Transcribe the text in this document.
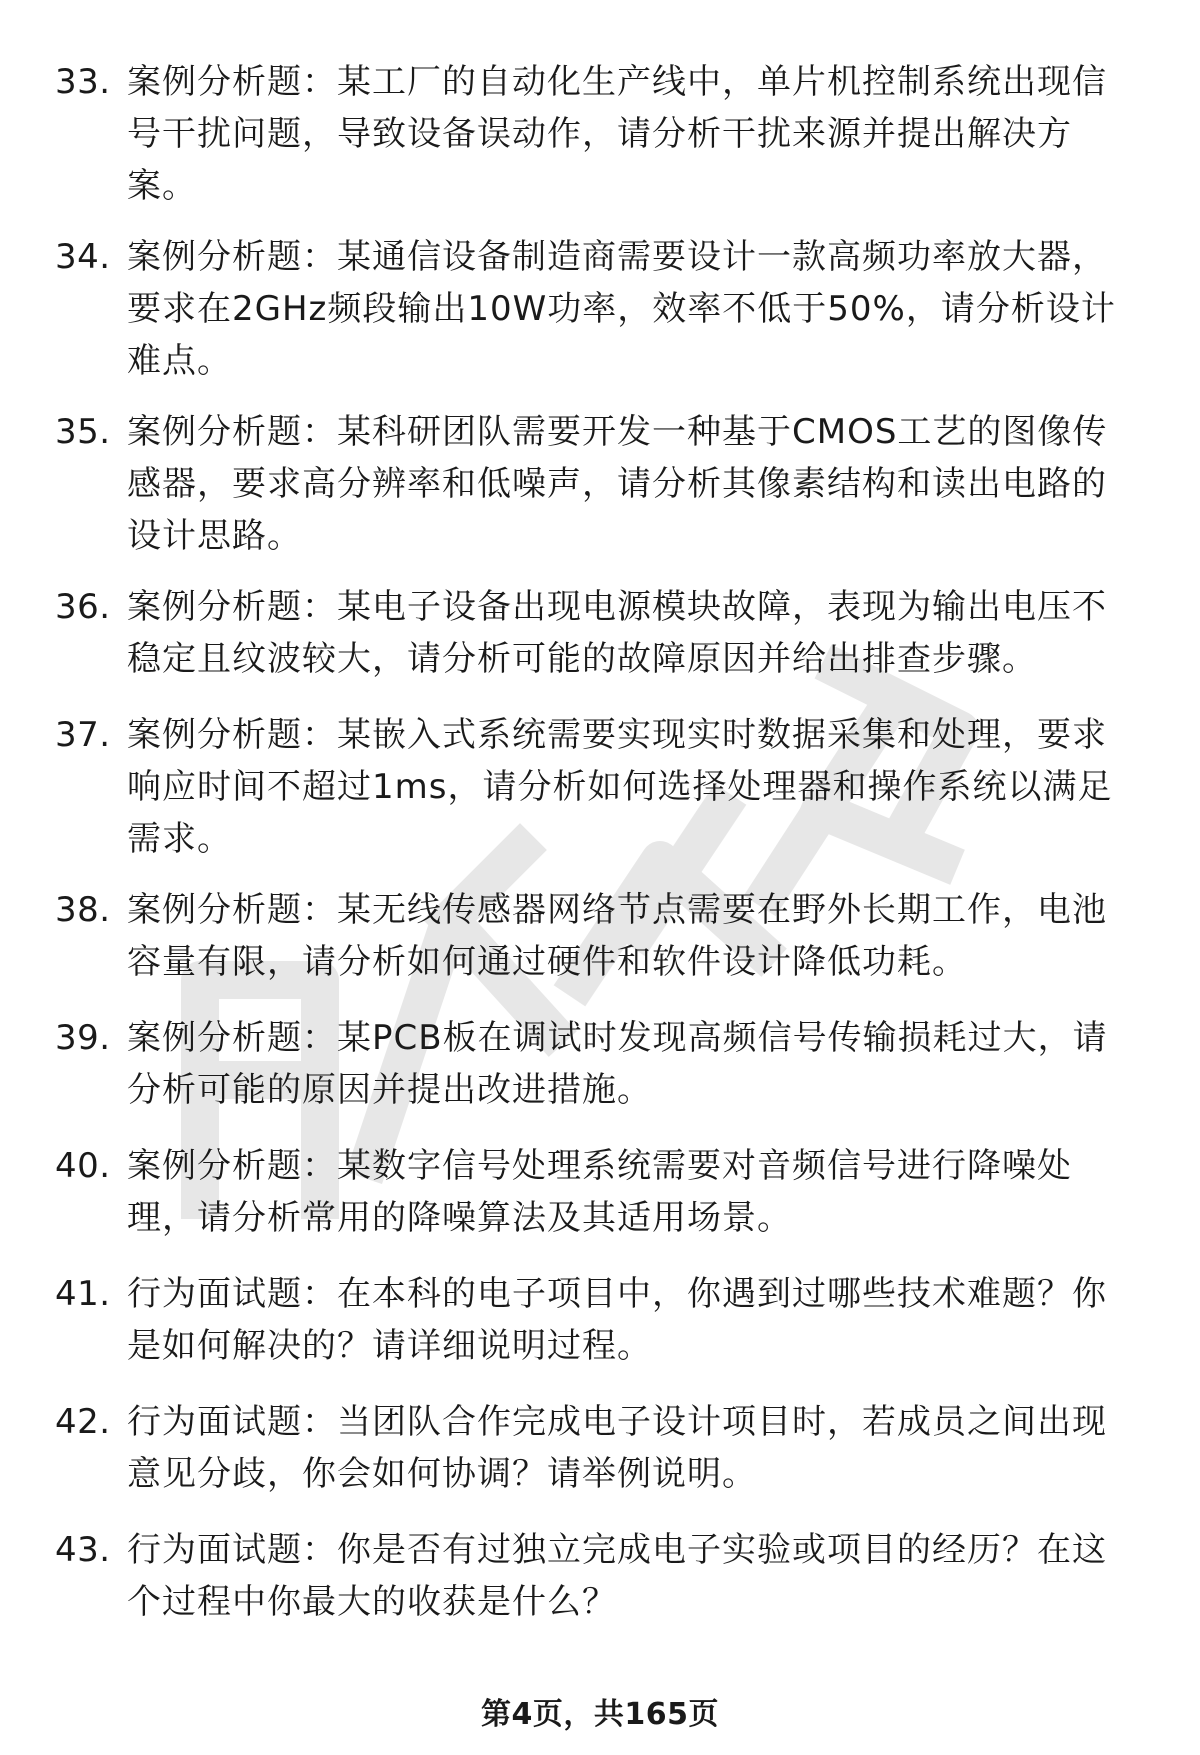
33. 案例分析题：某工厂的自动化生产线中，单片机控制系统出现信号干扰问题，导致设备误动作，请分析干扰来源并提出解决方案。
34. 案例分析题：某通信设备制造商需要设计一款高频功率放大器，要求在2GHz频段输出10W功率，效率不低于50%，请分析设计难点。
35. 案例分析题：某科研团队需要开发一种基于CMOS工艺的图像传感器，要求高分辨率和低噪声，请分析其像素结构和读出电路的设计思路。
36. 案例分析题：某电子设备出现电源模块故障，表现为输出电压不稳定且纹波较大，请分析可能的故障原因并给出排查步骤。
37. 案例分析题：某嵌入式系统需要实现实时数据采集和处理，要求响应时间不超过1ms，请分析如何选择处理器和操作系统以满足需求。
38. 案例分析题：某无线传感器网络节点需要在野外长期工作，电池容量有限，请分析如何通过硬件和软件设计降低功耗。
39. 案例分析题：某PCB板在调试时发现高频信号传输损耗过大，请分析可能的原因并提出改进措施。
40. 案例分析题：某数字信号处理系统需要对音频信号进行降噪处理，请分析常用的降噪算法及其适用场景。
41. 行为面试题：在本科的电子项目中，你遇到过哪些技术难题？你是如何解决的？请详细说明过程。
42. 行为面试题：当团队合作完成电子设计项目时，若成员之间出现意见分歧，你会如何协调？请举例说明。
43. 行为面试题：你是否有过独立完成电子实验或项目的经历？在这个过程中你最大的收获是什么？
第4页，共165页
